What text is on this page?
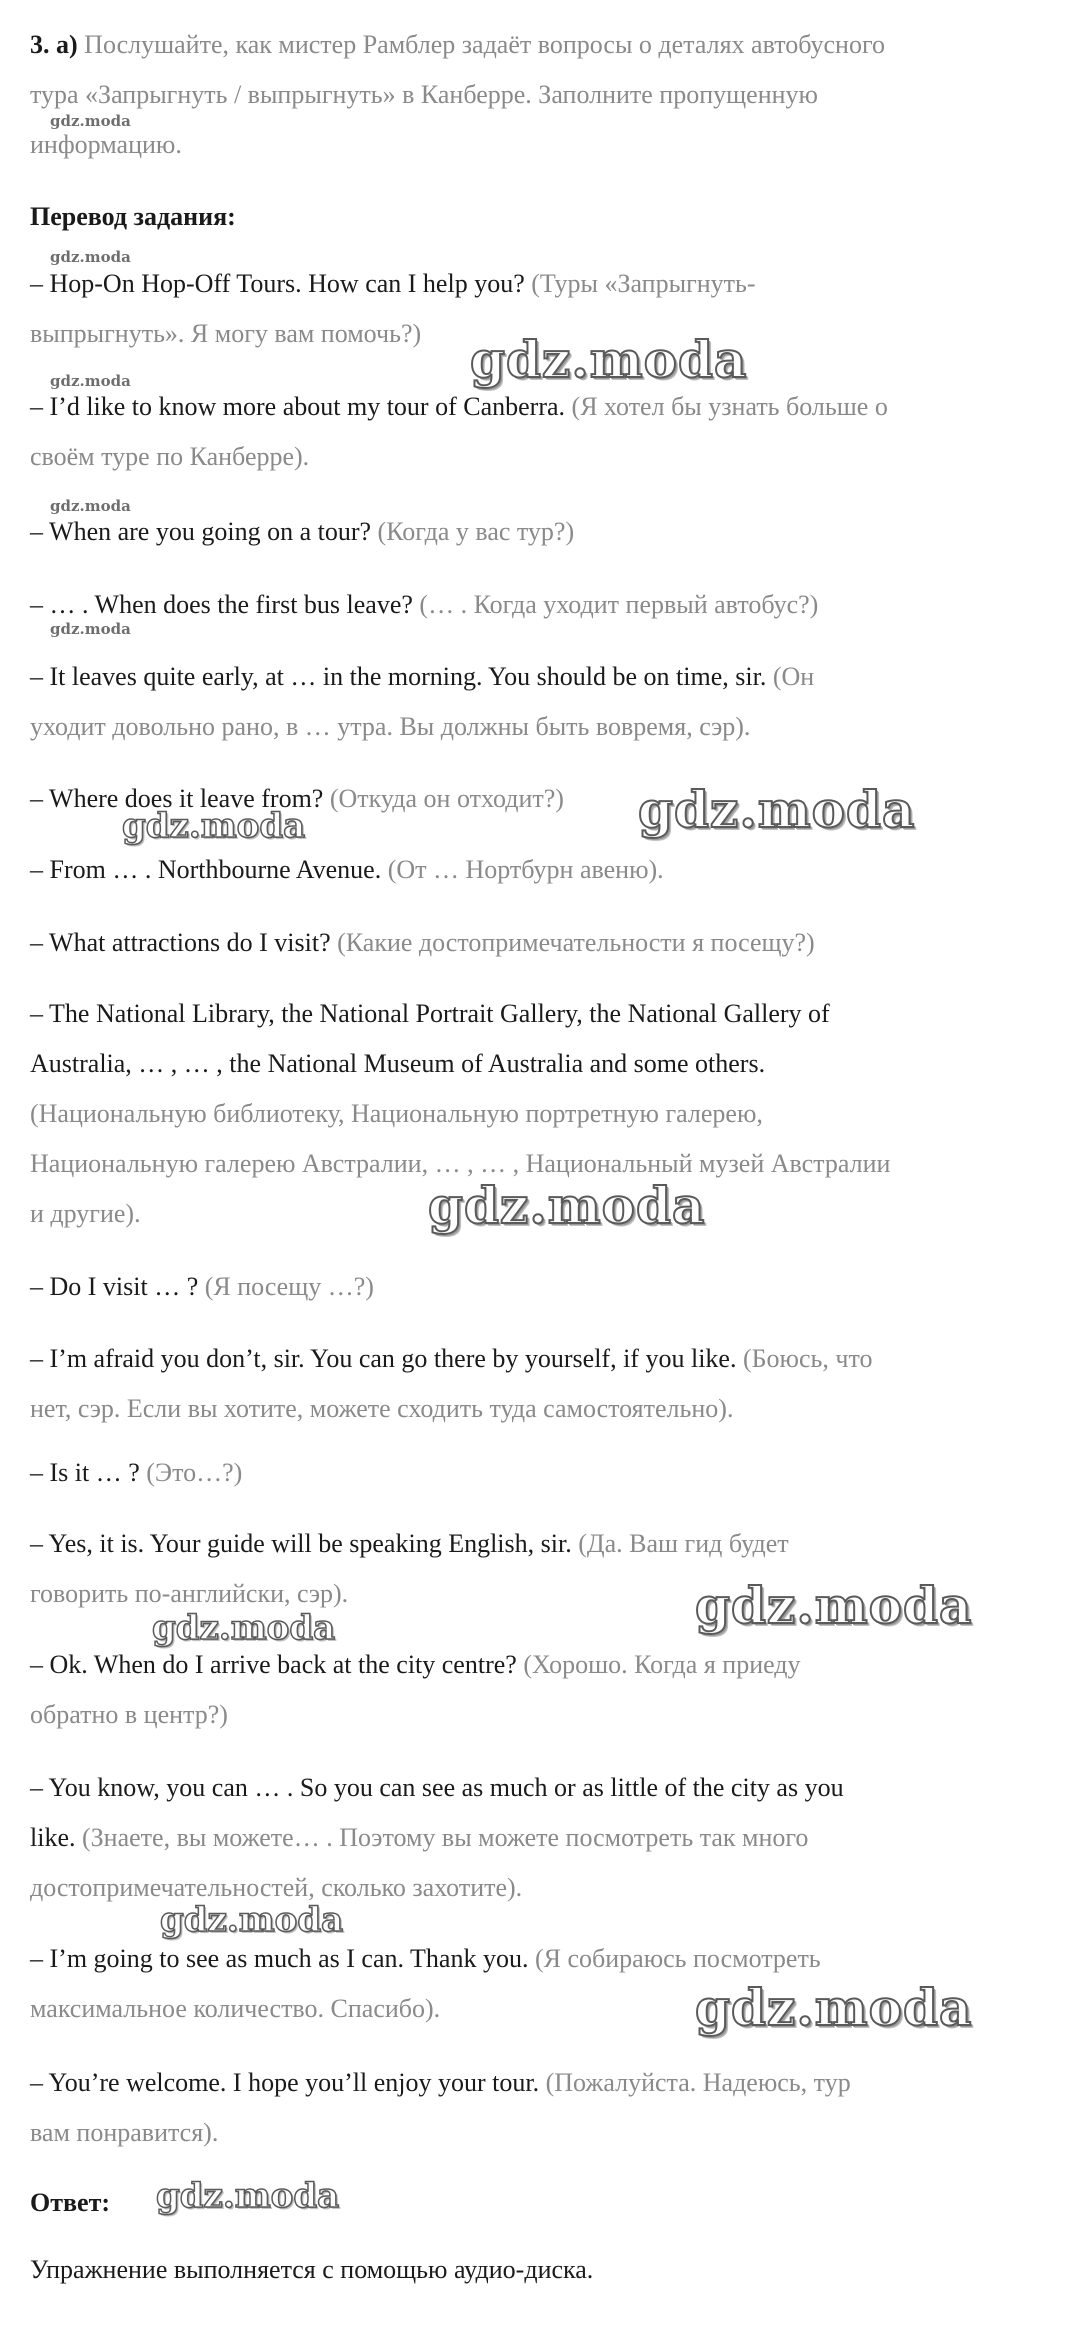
3. а) Послушайте, как мистер Рамблер задаёт вопросы о деталях автобусного
тура «Запрыгнуть / выпрыгнуть» в Канберре. Заполните пропущенную
информацию.
Перевод задания:
– Hop-On Hop-Off Tours. How can I help you? (Туры «Запрыгнуть-
выпрыгнуть». Я могу вам помочь?)
– I’d like to know more about my tour of Canberra. (Я хотел бы узнать больше о
своём туре по Канберре).
– When are you going on a tour? (Когда у вас тур?)
– … . When does the first bus leave? (… . Когда уходит первый автобус?)
– It leaves quite early, at … in the morning. You should be on time, sir. (Он
уходит довольно рано, в … утра. Вы должны быть вовремя, сэр).
– Where does it leave from? (Откуда он отходит?)
– From … . Northbourne Avenue. (От … Нортбурн авеню).
– What attractions do I visit? (Какие достопримечательности я посещу?)
– The National Library, the National Portrait Gallery, the National Gallery of
Australia, … , … , the National Museum of Australia and some others.
(Национальную библиотеку, Национальную портретную галерею,
Национальную галерею Австралии, … , … , Национальный музей Австралии
и другие).
– Do I visit … ? (Я посещу …?)
– I’m afraid you don’t, sir. You can go there by yourself, if you like. (Боюсь, что
нет, сэр. Если вы хотите, можете сходить туда самостоятельно).
– Is it … ? (Это…?)
– Yes, it is. Your guide will be speaking English, sir. (Да. Ваш гид будет
говорить по-английски, сэр).
– Ok. When do I arrive back at the city centre? (Хорошо. Когда я приеду
обратно в центр?)
– You know, you can … . So you can see as much or as little of the city as you
like. (Знаете, вы можете… . Поэтому вы можете посмотреть так много
достопримечательностей, сколько захотите).
– I’m going to see as much as I can. Thank you. (Я собираюсь посмотреть
максимальное количество. Спасибо).
– You’re welcome. I hope you’ll enjoy your tour. (Пожалуйста. Надеюсь, тур
вам понравится).
Ответ:
Упражнение выполняется с помощью аудио-диска.
gdz.moda
gdz.moda
gdz.moda
gdz.moda
gdz.moda
gdz.moda
gdz.moda
gdz.moda
gdz.moda
gdz.moda	gdz.moda
gdz.moda
gdz.moda
gdz.moda
